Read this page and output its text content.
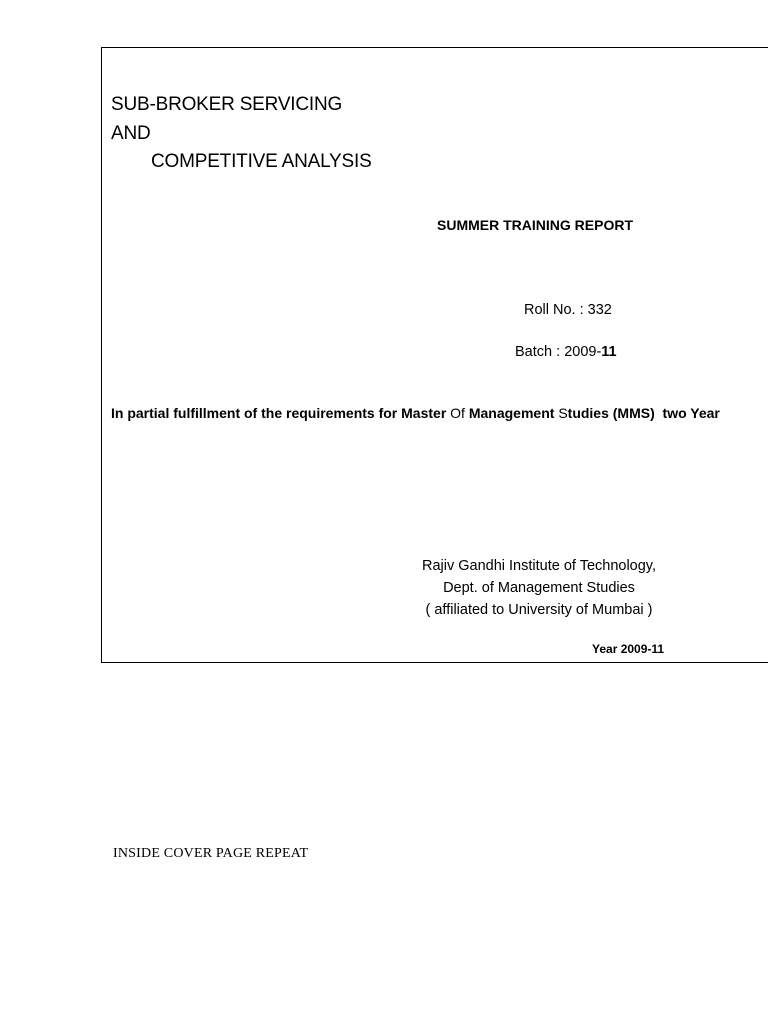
SUB-BROKER SERVICING
AND
COMPETITIVE ANALYSIS
SUMMER TRAINING REPORT
Roll No. : 332
Batch : 2009-11
In partial fulfillment of the requirements for Master Of Management Studies (MMS)  two Year
Rajiv Gandhi Institute of Technology,
Dept. of Management Studies
( affiliated to University of Mumbai )
Year 2009-11
INSIDE COVER PAGE REPEAT
